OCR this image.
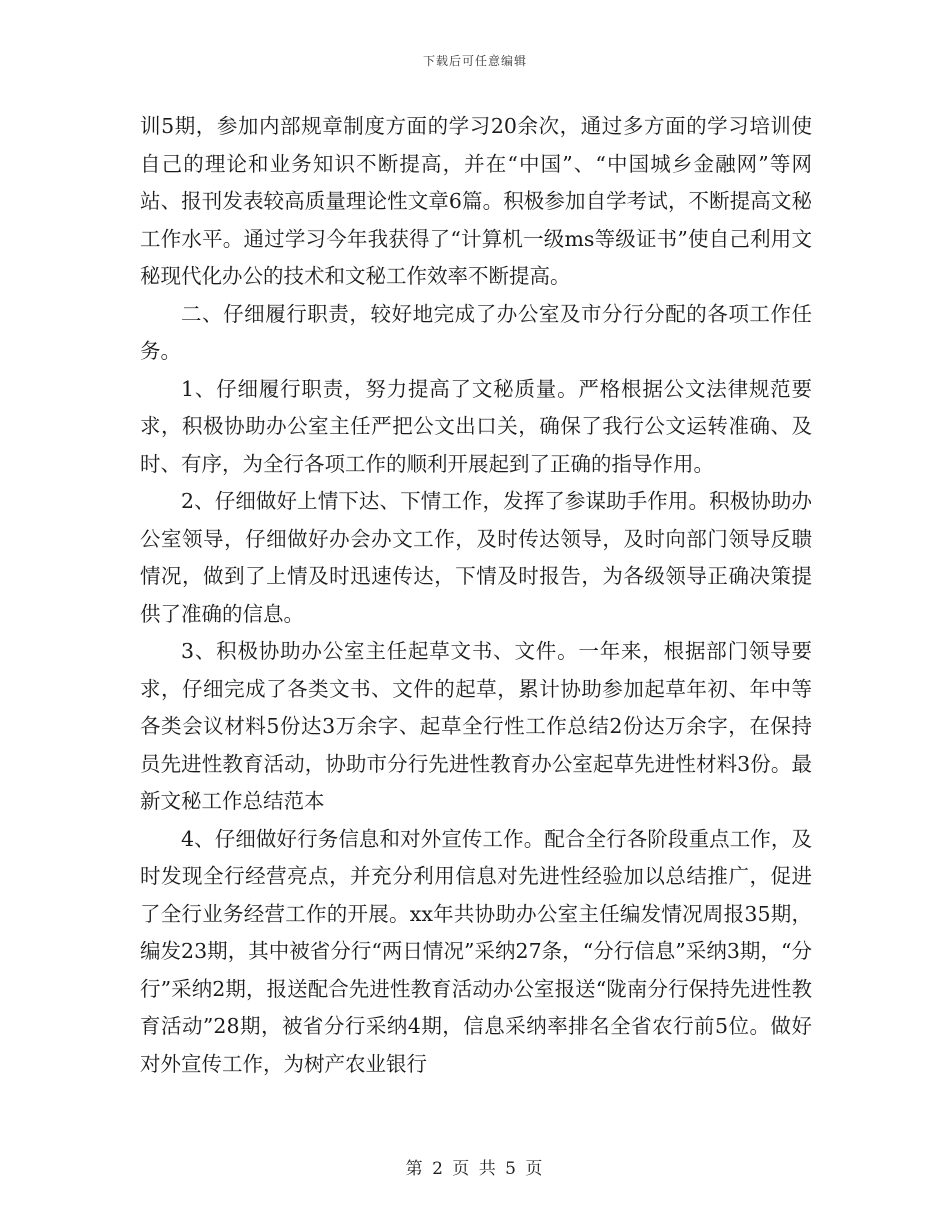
下载后可任意编辑

训5期，参加内部规章制度方面的学习20余次，通过多方面的学习培训使自己的理论和业务知识不断提高，并在“中国”、“中国城乡金融网”等网站、报刊发表较高质量理论性文章6篇。积极参加自学考试，不断提高文秘工作水平。通过学习今年我获得了“计算机一级ms等级证书”使自己利用文秘现代化办公的技术和文秘工作效率不断提高。

二、仔细履行职责，较好地完成了办公室及市分行分配的各项工作任务。

1、仔细履行职责，努力提高了文秘质量。严格根据公文法律规范要求，积极协助办公室主任严把公文出口关，确保了我行公文运转准确、及时、有序，为全行各项工作的顺利开展起到了正确的指导作用。

2、仔细做好上情下达、下情工作，发挥了参谋助手作用。积极协助办公室领导，仔细做好办会办文工作，及时传达领导，及时向部门领导反聩情况，做到了上情及时迅速传达，下情及时报告，为各级领导正确决策提供了准确的信息。

3、积极协助办公室主任起草文书、文件。一年来，根据部门领导要求，仔细完成了各类文书、文件的起草，累计协助参加起草年初、年中等各类会议材料5份达3万余字、起草全行性工作总结2份达万余字，在保持员先进性教育活动，协助市分行先进性教育办公室起草先进性材料3份。最新文秘工作总结范本

4、仔细做好行务信息和对外宣传工作。配合全行各阶段重点工作，及时发现全行经营亮点，并充分利用信息对先进性经验加以总结推广，促进了全行业务经营工作的开展。xx年共协助办公室主任编发情况周报35期，编发23期，其中被省分行“两日情况”采纳27条，“分行信息”采纳3期，“分行”采纳2期，报送配合先进性教育活动办公室报送“陇南分行保持先进性教育活动”28期，被省分行采纳4期，信息采纳率排名全省农行前5位。做好对外宣传工作，为树产农业银行

第 2 页 共 5 页
